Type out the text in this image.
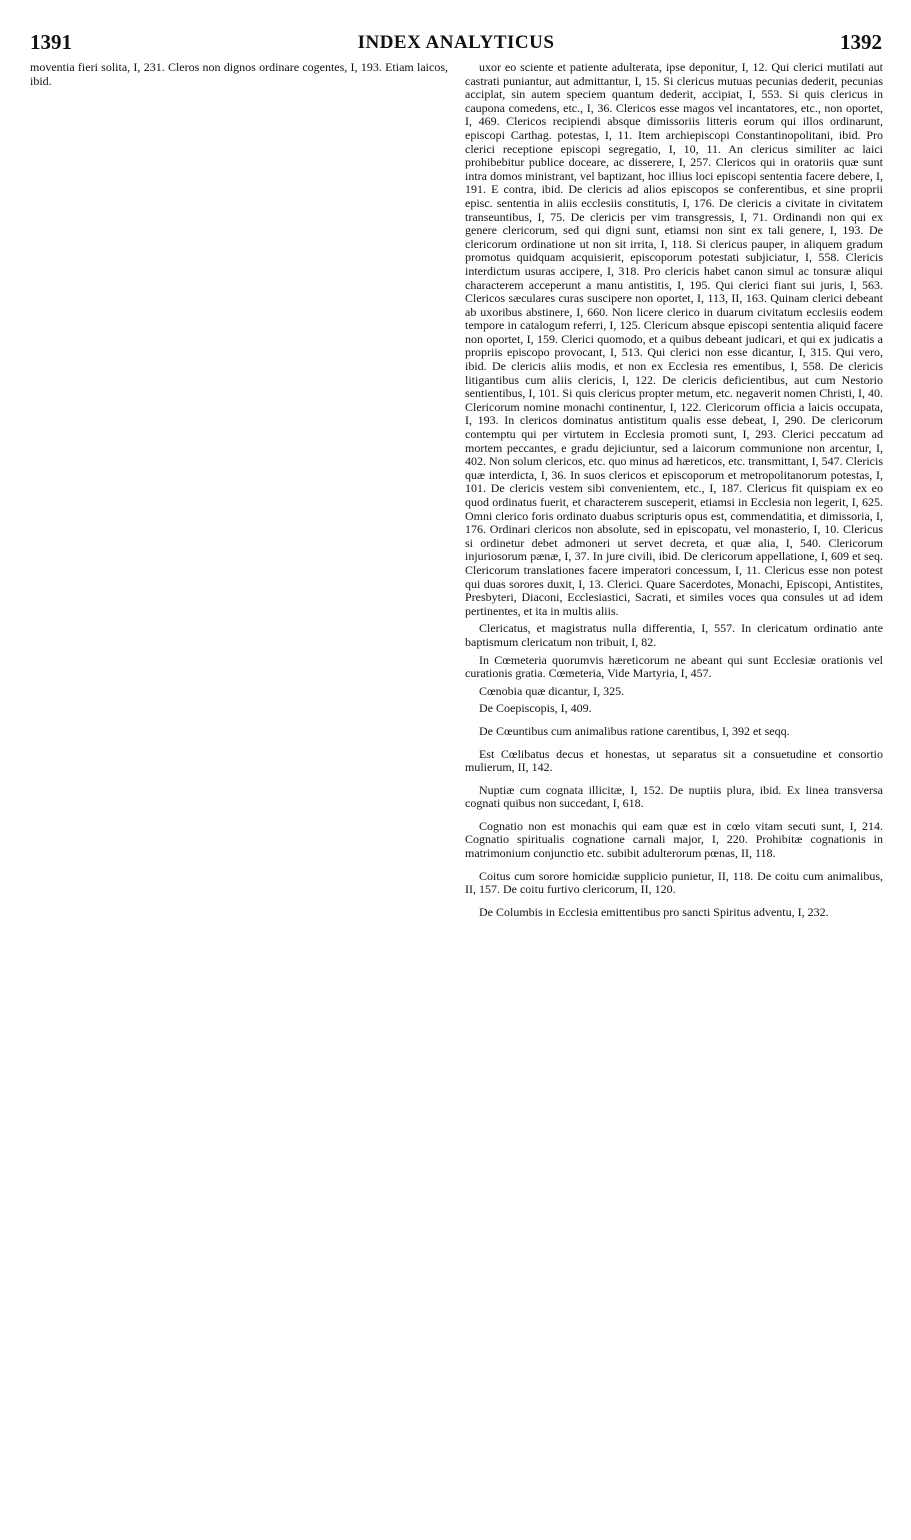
1391	INDEX ANALYTICUS	1392

moventia fieri solita, I, 231. Cleros non dignos ordinare cogentes, I, 193. Etiam laicos, ibid.

uxor eo sciente et patiente adulterata, ipse deponitur, I, 12. Qui clerici mutilati aut castrati puniantur, aut admittantur, I, 15. Si clericus mutuas pecunias dederit, pecunias acciplat, sin autem speciem quantum dederit, accipiat, I, 553. Si quis clericus in caupona comedens, etc., I, 36. Clericos esse magos vel incantatores, etc., non oportet, I, 469. Clericos recipiendi absque dimissoriis litteris eorum qui illos ordinarunt, episcopi Carthag. potestas, I, 11. Item archiepiscopi Constantinopolitani, ibid. Pro clerici receptione episcopi segregatio, I, 10, 11. An clericus similiter ac laici prohibebitur publice doceare, ac disserere, I, 257. Clericos qui in oratoriis quæ sunt intra domos ministrant, vel baptizant, hoc illius loci episcopi sententia facere debere, I, 191. E contra, ibid. De clericis ad alios episcopos se conferentibus, et sine proprii episc. sententia in aliis ecclesiis constitutis, I, 176. De clericis a civitate in civitatem transeuntibus, I, 75. De clericis per vim transgressis, I, 71. Ordinandi non qui ex genere clericorum, sed qui digni sunt, etiamsi non sint ex tali genere, I, 193. De clericorum ordinatione ut non sit irrita, I, 118. Si clericus pauper, in aliquem gradum promotus quidquam acquisierit, episcoporum potestati subjiciatur, I, 558. Clericis interdictum usuras accipere, I, 318. Pro clericis habet canon simul ac tonsuræ aliqui characterem acceperunt a manu antistitis, I, 195. Qui clerici fiant sui juris, I, 563. Clericos sæculares curas suscipere non oportet, I, 113, II, 163. Quinam clerici debeant ab uxoribus abstinere, I, 660. Non licere clerico in duarum civitatum ecclesiis eodem tempore in catalogum referri, I, 125. Clericum absque episcopi sententia aliquid facere non oportet, I, 159. Clerici quomodo, et a quibus debeant judicari, et qui ex judicatis a propriis episcopo provocant, I, 513. Qui clerici non esse dicantur, I, 315. Qui vero, ibid. De clericis aliis modis, et non ex Ecclesia res ementibus, I, 558. De clericis litigantibus cum aliis clericis, I, 122. De clericis deficientibus, aut cum Nestorio sentientibus, I, 101. Si quis clericus propter metum, etc. negaverit nomen Christi, I, 40. Clericorum nomine monachi continentur, I, 122. Clericorum officia a laicis occupata, I, 193. In clericos dominatus antistitum qualis esse debeat, I, 290. De clericorum contemptu qui per virtutem in Ecclesia promoti sunt, I, 293. Clerici peccatum ad mortem peccantes, e gradu dejiciuntur, sed a laicorum communione non arcentur, I, 402. Non solum clericos, etc. quo minus ad hæreticos, etc. transmittant, I, 547. Clericis quæ interdicta, I, 36. In suos clericos et episcoporum et metropolitanorum potestas, I, 101. De clericis vestem sibi convenientem, etc., I, 187. Clericus fit quispiam ex eo quod ordinatus fuerit, et characterem susceperit, etiamsi in Ecclesia non legerit, I, 625. Omni clerico foris ordinato duabus scripturis opus est, commendatitia, et dimissoria, I, 176. Ordinari clericos non absolute, sed in episcopatu, vel monasterio, I, 10. Clericus si ordinetur debet admoneri ut servet decreta, et quæ alia, I, 540. Clericorum injuriosorum pænæ, I, 37. In jure civili, ibid. De clericorum appellatione, I, 609 et seq. Clericorum translationes facere imperatori concessum, I, 11. Clericus esse non potest qui duas sorores duxit, I, 13. Clerici. Quare Sacerdotes, Monachi, Episcopi, Antistites, Presbyteri, Diaconi, Ecclesiastici, Sacrati, et similes voces qua consules ut ad idem pertinentes, et ita in multis aliis.

Clericatus, et magistratus nulla differentia, I, 557. In clericatum ordinatio ante baptismum clericatum non tribuit, I, 82.

In Cœmeteria quorumvis hæreticorum ne abeant qui sunt Ecclesiæ orationis vel curationis gratia. Cœmeteria, Vide Martyria, I, 457.

Cœnobia quæ dicantur, I, 325.

De Coepiscopis, I, 409.

De Cœuntibus cum animalibus ratione carentibus, I, 392 et seqq.

Est Cœlibatus decus et honestas, ut separatus sit a consuetudine et consortio mulierum, II, 142.

Nuptiæ cum cognata illicitæ, I, 152. De nuptiis plura, ibid. Ex linea transversa cognati quibus non succedant, I, 618.

Cognatio non est monachis qui eam quæ est in cœlo vitam secuti sunt, I, 214. Cognatio spiritualis cognatione carnali major, I, 220. Prohibitæ cognationis in matrimonium conjunctio etc. subibit adulterorum pœnas, II, 118.

Coitus cum sorore homicidæ supplicio punietur, II, 118. De coitu cum animalibus, II, 157. De coitu furtivo clericorum, II, 120.

De Columbis in Ecclesia emittentibus pro sancti Spiritus adventu, I, 232.
